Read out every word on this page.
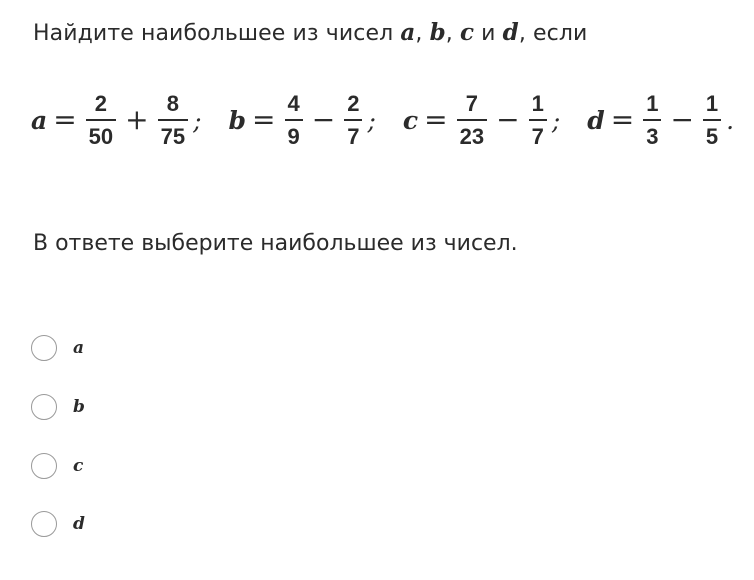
Найдите наибольшее из чисел a, b, c и d, если
$a = \frac{2}{50} + \frac{8}{75}$ ; $b = \frac{4}{9} - \frac{2}{7}$ ; $c = \frac{7}{23} - \frac{1}{7}$ ; $d = \frac{1}{3} - \frac{1}{5}$ .
В ответе выберите наибольшее из чисел.
a
b
c
d
